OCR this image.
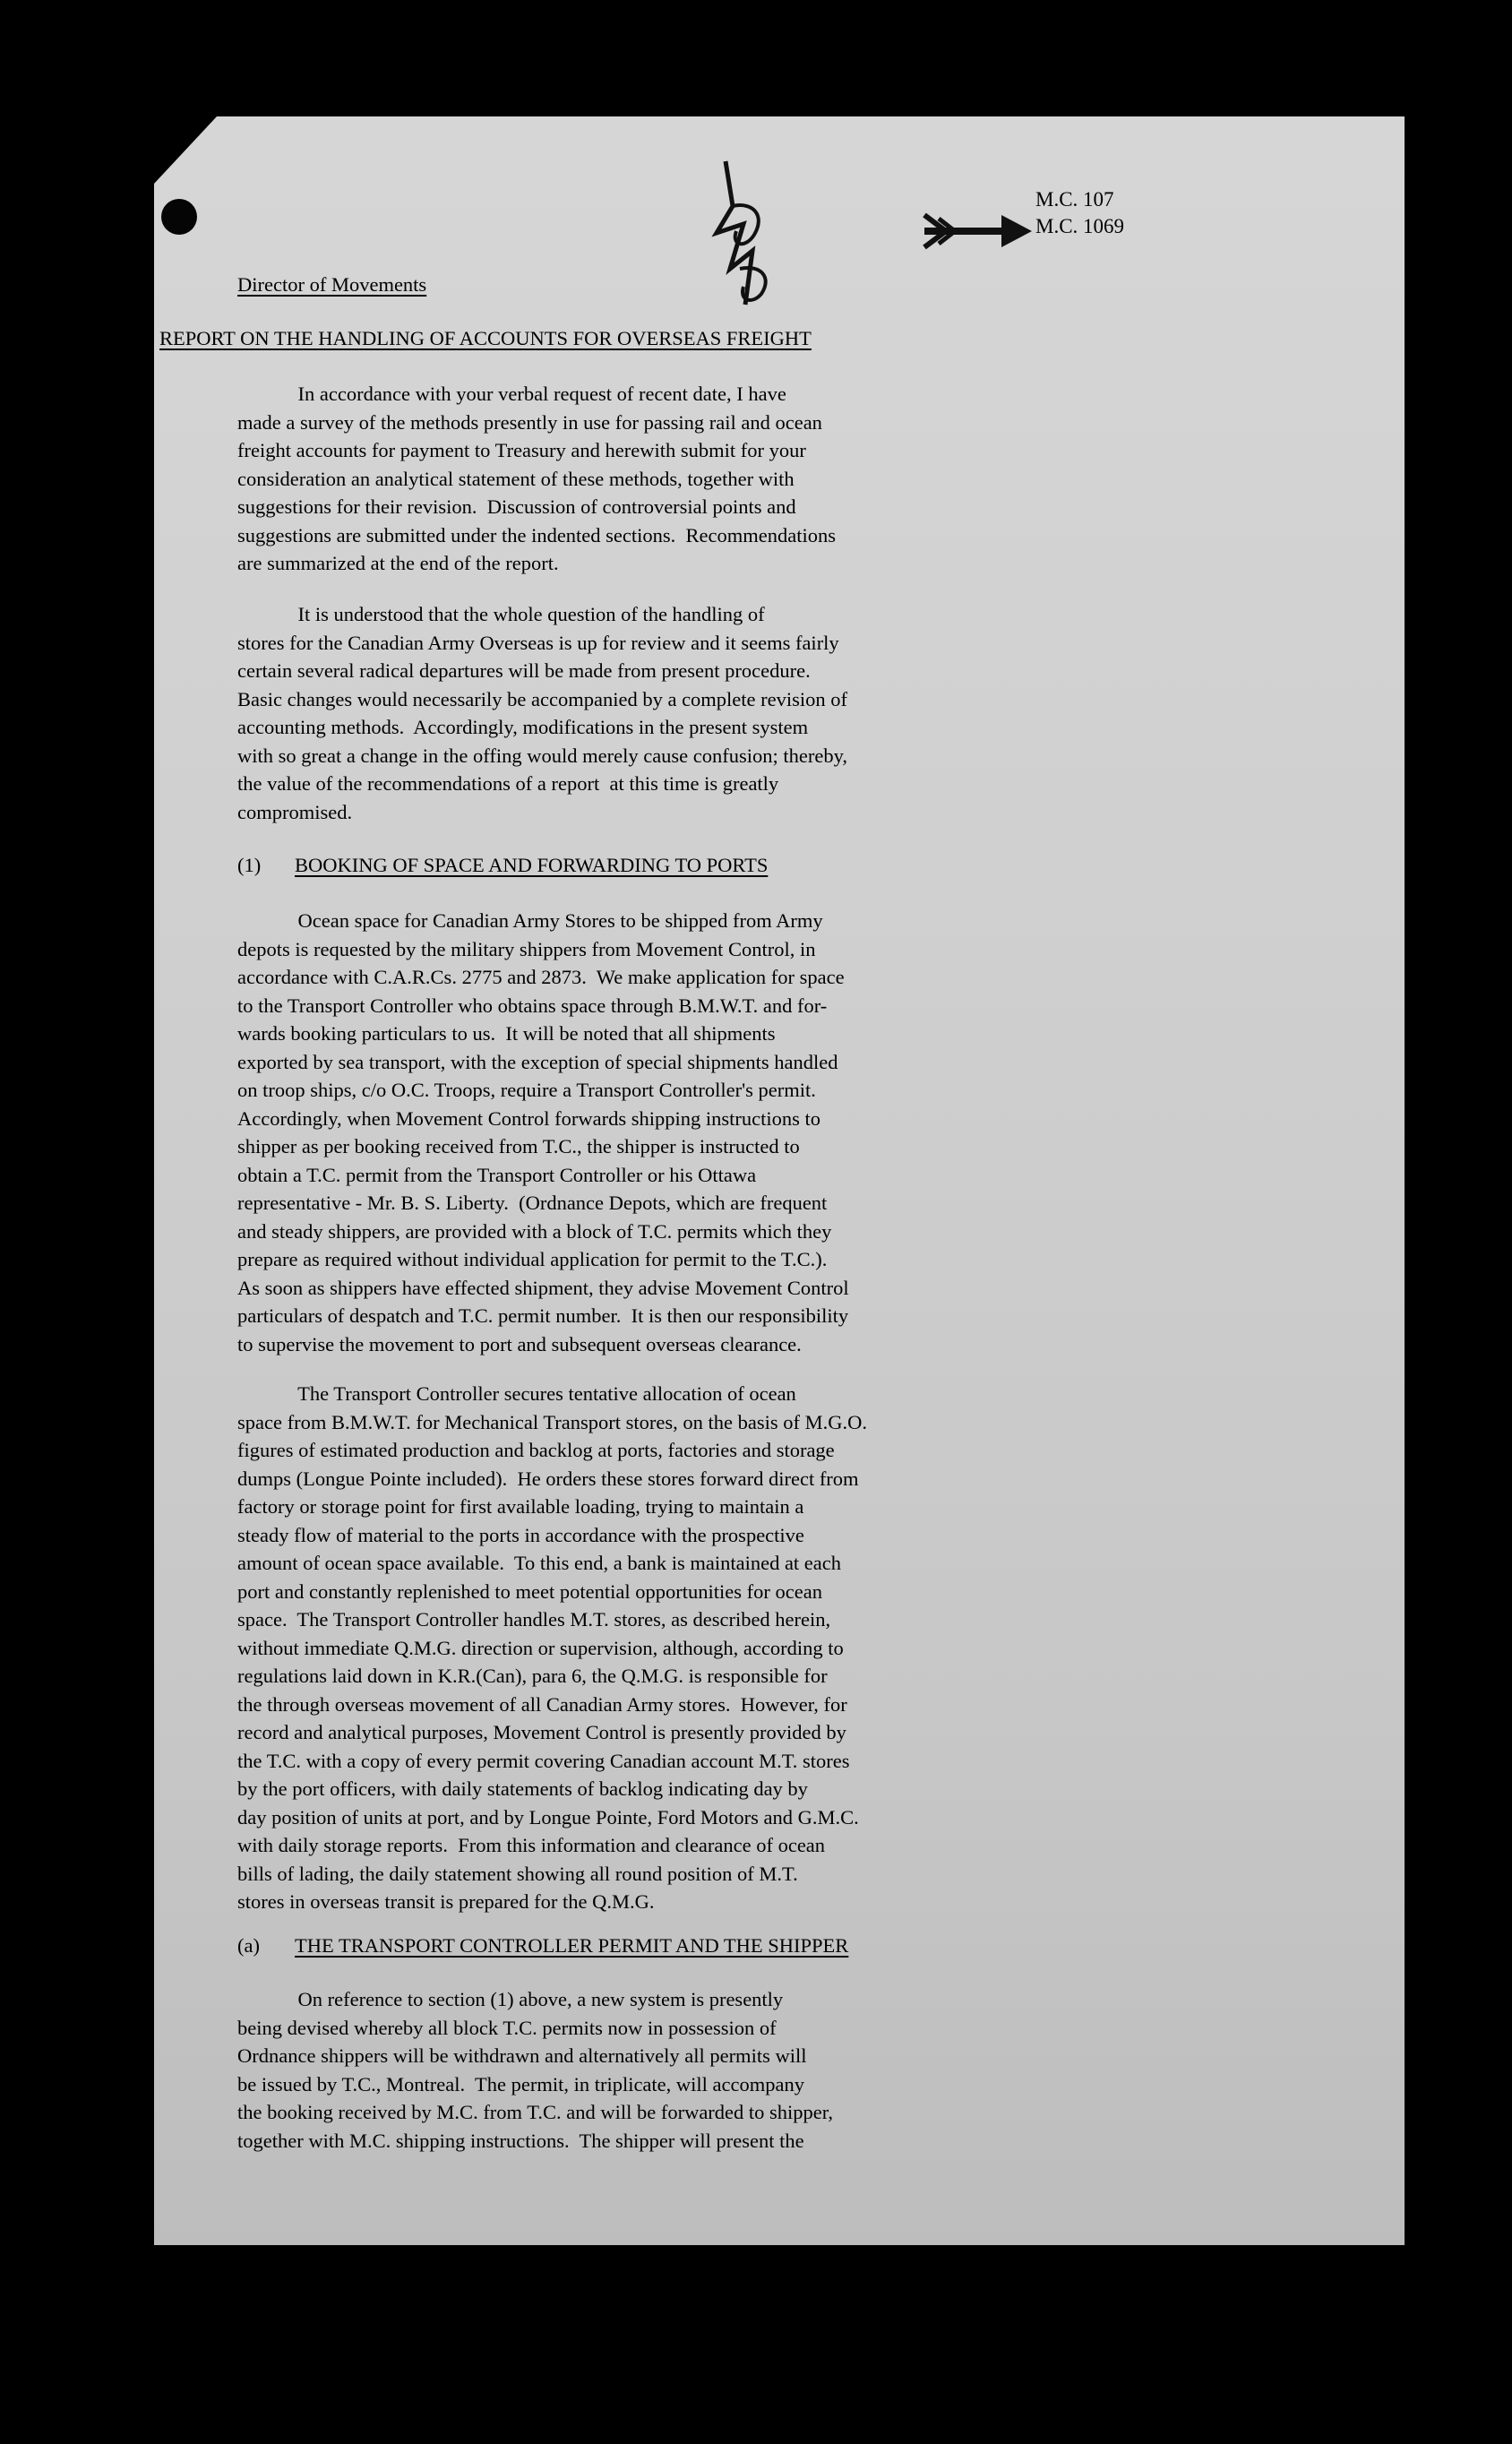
M.C. 107
M.C. 1069
Director of Movements
REPORT ON THE HANDLING OF ACCOUNTS FOR OVERSEAS FREIGHT
In accordance with your verbal request of recent date, I have
made a survey of the methods presently in use for passing rail and ocean
freight accounts for payment to Treasury and herewith submit for your
consideration an analytical statement of these methods, together with
suggestions for their revision.  Discussion of controversial points and
suggestions are submitted under the indented sections.  Recommendations
are summarized at the end of the report.
It is understood that the whole question of the handling of
stores for the Canadian Army Overseas is up for review and it seems fairly
certain several radical departures will be made from present procedure.
Basic changes would necessarily be accompanied by a complete revision of
accounting methods.  Accordingly, modifications in the present system
with so great a change in the offing would merely cause confusion; thereby,
the value of the recommendations of a report  at this time is greatly
compromised.
(1) BOOKING OF SPACE AND FORWARDING TO PORTS
Ocean space for Canadian Army Stores to be shipped from Army
depots is requested by the military shippers from Movement Control, in
accordance with C.A.R.Cs. 2775 and 2873.  We make application for space
to the Transport Controller who obtains space through B.M.W.T. and for-
wards booking particulars to us.  It will be noted that all shipments
exported by sea transport, with the exception of special shipments handled
on troop ships, c/o O.C. Troops, require a Transport Controller's permit.
Accordingly, when Movement Control forwards shipping instructions to
shipper as per booking received from T.C., the shipper is instructed to
obtain a T.C. permit from the Transport Controller or his Ottawa
representative - Mr. B. S. Liberty.  (Ordnance Depots, which are frequent
and steady shippers, are provided with a block of T.C. permits which they
prepare as required without individual application for permit to the T.C.).
As soon as shippers have effected shipment, they advise Movement Control
particulars of despatch and T.C. permit number.  It is then our responsibility
to supervise the movement to port and subsequent overseas clearance.
The Transport Controller secures tentative allocation of ocean
space from B.M.W.T. for Mechanical Transport stores, on the basis of M.G.O.
figures of estimated production and backlog at ports, factories and storage
dumps (Longue Pointe included).  He orders these stores forward direct from
factory or storage point for first available loading, trying to maintain a
steady flow of material to the ports in accordance with the prospective
amount of ocean space available.  To this end, a bank is maintained at each
port and constantly replenished to meet potential opportunities for ocean
space.  The Transport Controller handles M.T. stores, as described herein,
without immediate Q.M.G. direction or supervision, although, according to
regulations laid down in K.R.(Can), para 6, the Q.M.G. is responsible for
the through overseas movement of all Canadian Army stores.  However, for
record and analytical purposes, Movement Control is presently provided by
the T.C. with a copy of every permit covering Canadian account M.T. stores
by the port officers, with daily statements of backlog indicating day by
day position of units at port, and by Longue Pointe, Ford Motors and G.M.C.
with daily storage reports.  From this information and clearance of ocean
bills of lading, the daily statement showing all round position of M.T.
stores in overseas transit is prepared for the Q.M.G.
(a) THE TRANSPORT CONTROLLER PERMIT AND THE SHIPPER
On reference to section (1) above, a new system is presently
being devised whereby all block T.C. permits now in possession of
Ordnance shippers will be withdrawn and alternatively all permits will
be issued by T.C., Montreal.  The permit, in triplicate, will accompany
the booking received by M.C. from T.C. and will be forwarded to shipper,
together with M.C. shipping instructions.  The shipper will present the
